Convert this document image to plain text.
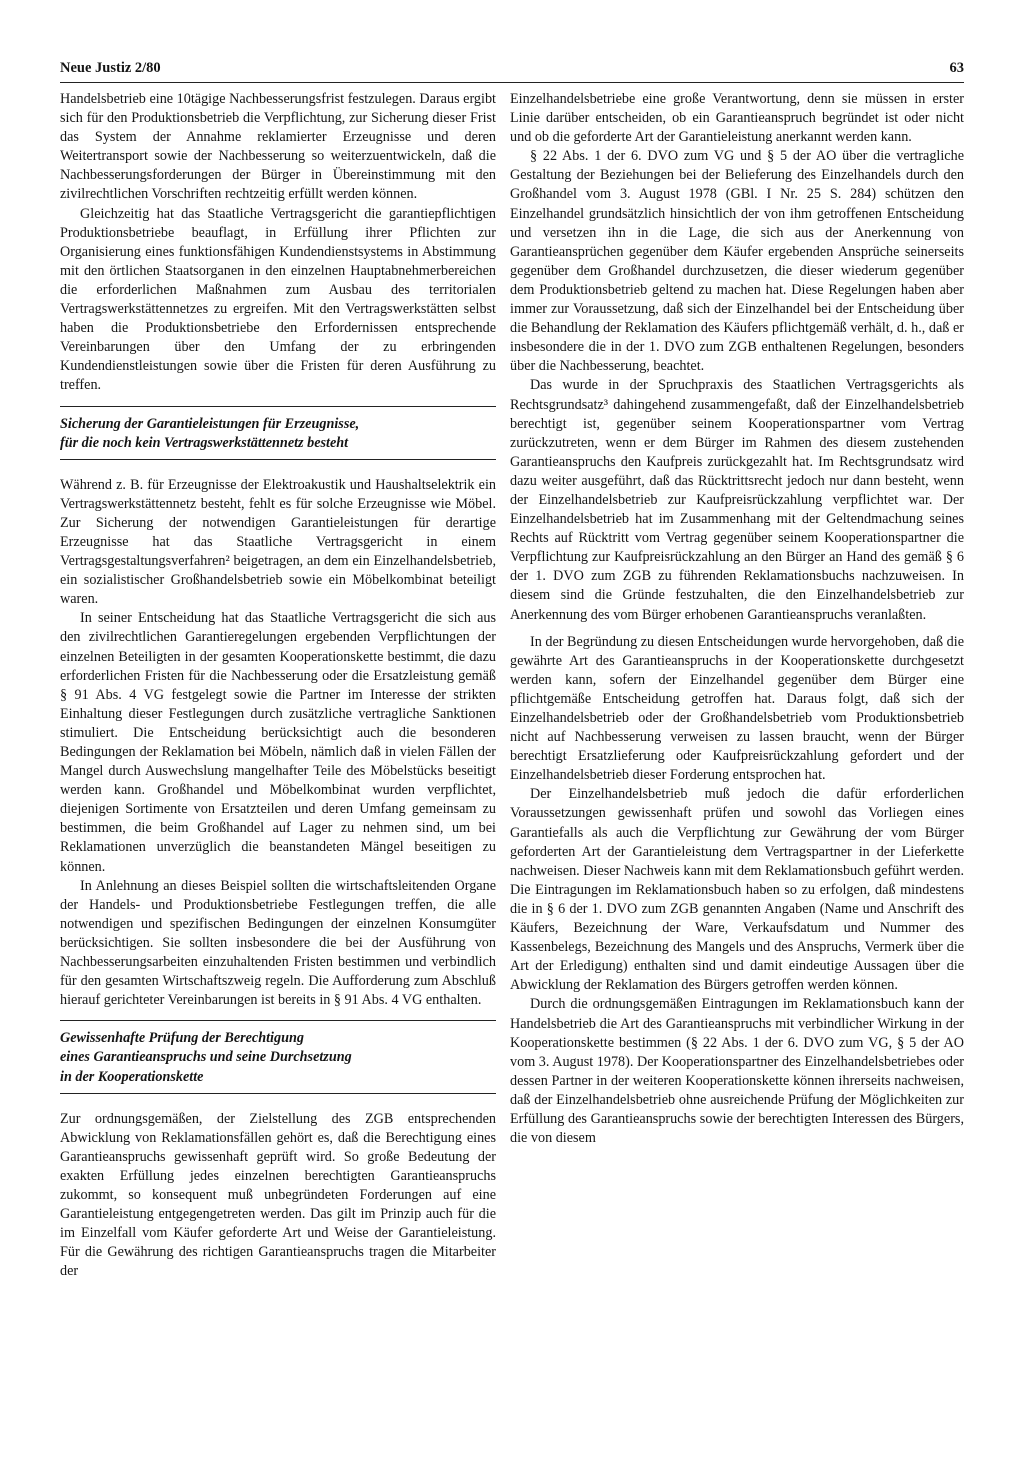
Neue Justiz 2/80	63

Handelsbetrieb eine 10tägige Nachbesserungsfrist festzulegen. Daraus ergibt sich für den Produktionsbetrieb die Verpflichtung, zur Sicherung dieser Frist das System der Annahme reklamierter Erzeugnisse und deren Weitertransport sowie der Nachbesserung so weiterzuentwickeln, daß die Nachbesserungsforderungen der Bürger in Übereinstimmung mit den zivilrechtlichen Vorschriften rechtzeitig erfüllt werden können.

Gleichzeitig hat das Staatliche Vertragsgericht die garantiepflichtigen Produktionsbetriebe beauflagt, in Erfüllung ihrer Pflichten zur Organisierung eines funktionsfähigen Kundendienstsystems in Abstimmung mit den örtlichen Staatsorganen in den einzelnen Hauptabnehmerbereichen die erforderlichen Maßnahmen zum Ausbau des territorialen Vertragswerkstättennetzes zu ergreifen. Mit den Vertragswerkstätten selbst haben die Produktionsbetriebe den Erfordernissen entsprechende Vereinbarungen über den Umfang der zu erbringenden Kundendienstleistungen sowie über die Fristen für deren Ausführung zu treffen.

Sicherung der Garantieleistungen für Erzeugnisse,
für die noch kein Vertragswerkstättennetz besteht

Während z. B. für Erzeugnisse der Elektroakustik und Haushaltselektrik ein Vertragswerkstättennetz besteht, fehlt es für solche Erzeugnisse wie Möbel. Zur Sicherung der notwendigen Garantieleistungen für derartige Erzeugnisse hat das Staatliche Vertragsgericht in einem Vertragsgestaltungsverfahren² beigetragen, an dem ein Einzelhandelsbetrieb, ein sozialistischer Großhandelsbetrieb sowie ein Möbelkombinat beteiligt waren.

In seiner Entscheidung hat das Staatliche Vertragsgericht die sich aus den zivilrechtlichen Garantieregelungen ergebenden Verpflichtungen der einzelnen Beteiligten in der gesamten Kooperationskette bestimmt, die dazu erforderlichen Fristen für die Nachbesserung oder die Ersatzleistung gemäß § 91 Abs. 4 VG festgelegt sowie die Partner im Interesse der strikten Einhaltung dieser Festlegungen durch zusätzliche vertragliche Sanktionen stimuliert. Die Entscheidung berücksichtigt auch die besonderen Bedingungen der Reklamation bei Möbeln, nämlich daß in vielen Fällen der Mangel durch Auswechslung mangelhafter Teile des Möbelstücks beseitigt werden kann. Großhandel und Möbelkombinat wurden verpflichtet, diejenigen Sortimente von Ersatzteilen und deren Umfang gemeinsam zu bestimmen, die beim Großhandel auf Lager zu nehmen sind, um bei Reklamationen unverzüglich die beanstandeten Mängel beseitigen zu können.

In Anlehnung an dieses Beispiel sollten die wirtschaftsleitenden Organe der Handels- und Produktionsbetriebe Festlegungen treffen, die alle notwendigen und spezifischen Bedingungen der einzelnen Konsumgüter berücksichtigen. Sie sollten insbesondere die bei der Ausführung von Nachbesserungsarbeiten einzuhaltenden Fristen bestimmen und verbindlich für den gesamten Wirtschaftszweig regeln. Die Aufforderung zum Abschluß hierauf gerichteter Vereinbarungen ist bereits in § 91 Abs. 4 VG enthalten.

Gewissenhafte Prüfung der Berechtigung
eines Garantieanspruchs und seine Durchsetzung
in der Kooperationskette

Zur ordnungsgemäßen, der Zielstellung des ZGB entsprechenden Abwicklung von Reklamationsfällen gehört es, daß die Berechtigung eines Garantieanspruchs gewissenhaft geprüft wird. So große Bedeutung der exakten Erfüllung jedes einzelnen berechtigten Garantieanspruchs zukommt, so konsequent muß unbegründeten Forderungen auf eine Garantieleistung entgegengetreten werden. Das gilt im Prinzip auch für die im Einzelfall vom Käufer geforderte Art und Weise der Garantieleistung. Für die Gewährung des richtigen Garantieanspruchs tragen die Mitarbeiter der

Einzelhandelsbetriebe eine große Verantwortung, denn sie müssen in erster Linie darüber entscheiden, ob ein Garantieanspruch begründet ist oder nicht und ob die geforderte Art der Garantieleistung anerkannt werden kann.

§ 22 Abs. 1 der 6. DVO zum VG und § 5 der AO über die vertragliche Gestaltung der Beziehungen bei der Belieferung des Einzelhandels durch den Großhandel vom 3. August 1978 (GBl. I Nr. 25 S. 284) schützen den Einzelhandel grundsätzlich hinsichtlich der von ihm getroffenen Entscheidung und versetzen ihn in die Lage, die sich aus der Anerkennung von Garantieansprüchen gegenüber dem Käufer ergebenden Ansprüche seinerseits gegenüber dem Großhandel durchzusetzen, die dieser wiederum gegenüber dem Produktionsbetrieb geltend zu machen hat. Diese Regelungen haben aber immer zur Voraussetzung, daß sich der Einzelhandel bei der Entscheidung über die Behandlung der Reklamation des Käufers pflichtgemäß verhält, d. h., daß er insbesondere die in der 1. DVO zum ZGB enthaltenen Regelungen, besonders über die Nachbesserung, beachtet.

Das wurde in der Spruchpraxis des Staatlichen Vertragsgerichts als Rechtsgrundsatz³ dahingehend zusammengefaßt, daß der Einzelhandelsbetrieb berechtigt ist, gegenüber seinem Kooperationspartner vom Vertrag zurückzutreten, wenn er dem Bürger im Rahmen des diesem zustehenden Garantieanspruchs den Kaufpreis zurückgezahlt hat. Im Rechtsgrundsatz wird dazu weiter ausgeführt, daß das Rücktrittsrecht jedoch nur dann besteht, wenn der Einzelhandelsbetrieb zur Kaufpreisrückzahlung verpflichtet war. Der Einzelhandelsbetrieb hat im Zusammenhang mit der Geltendmachung seines Rechts auf Rücktritt vom Vertrag gegenüber seinem Kooperationspartner die Verpflichtung zur Kaufpreisrückzahlung an den Bürger an Hand des gemäß § 6 der 1. DVO zum ZGB zu führenden Reklamationsbuchs nachzuweisen. In diesem sind die Gründe festzuhalten, die den Einzelhandelsbetrieb zur Anerkennung des vom Bürger erhobenen Garantieanspruchs veranlaßten.

In der Begründung zu diesen Entscheidungen wurde hervorgehoben, daß die gewährte Art des Garantieanspruchs in der Kooperationskette durchgesetzt werden kann, sofern der Einzelhandel gegenüber dem Bürger eine pflichtgemäße Entscheidung getroffen hat. Daraus folgt, daß sich der Einzelhandelsbetrieb oder der Großhandelsbetrieb vom Produktionsbetrieb nicht auf Nachbesserung verweisen zu lassen braucht, wenn der Bürger berechtigt Ersatzlieferung oder Kaufpreisrückzahlung gefordert und der Einzelhandelsbetrieb dieser Forderung entsprochen hat.

Der Einzelhandelsbetrieb muß jedoch die dafür erforderlichen Voraussetzungen gewissenhaft prüfen und sowohl das Vorliegen eines Garantiefalls als auch die Verpflichtung zur Gewährung der vom Bürger geforderten Art der Garantieleistung dem Vertragspartner in der Lieferkette nachweisen. Dieser Nachweis kann mit dem Reklamationsbuch geführt werden. Die Eintragungen im Reklamationsbuch haben so zu erfolgen, daß mindestens die in § 6 der 1. DVO zum ZGB genannten Angaben (Name und Anschrift des Käufers, Bezeichnung der Ware, Verkaufsdatum und Nummer des Kassenbelegs, Bezeichnung des Mangels und des Anspruchs, Vermerk über die Art der Erledigung) enthalten sind und damit eindeutige Aussagen über die Abwicklung der Reklamation des Bürgers getroffen werden können.

Durch die ordnungsgemäßen Eintragungen im Reklamationsbuch kann der Handelsbetrieb die Art des Garantieanspruchs mit verbindlicher Wirkung in der Kooperationskette bestimmen (§ 22 Abs. 1 der 6. DVO zum VG, § 5 der AO vom 3. August 1978). Der Kooperationspartner des Einzelhandelsbetriebes oder dessen Partner in der weiteren Kooperationskette können ihrerseits nachweisen, daß der Einzelhandelsbetrieb ohne ausreichende Prüfung der Möglichkeiten zur Erfüllung des Garantieanspruchs sowie der berechtigten Interessen des Bürgers, die von diesem
